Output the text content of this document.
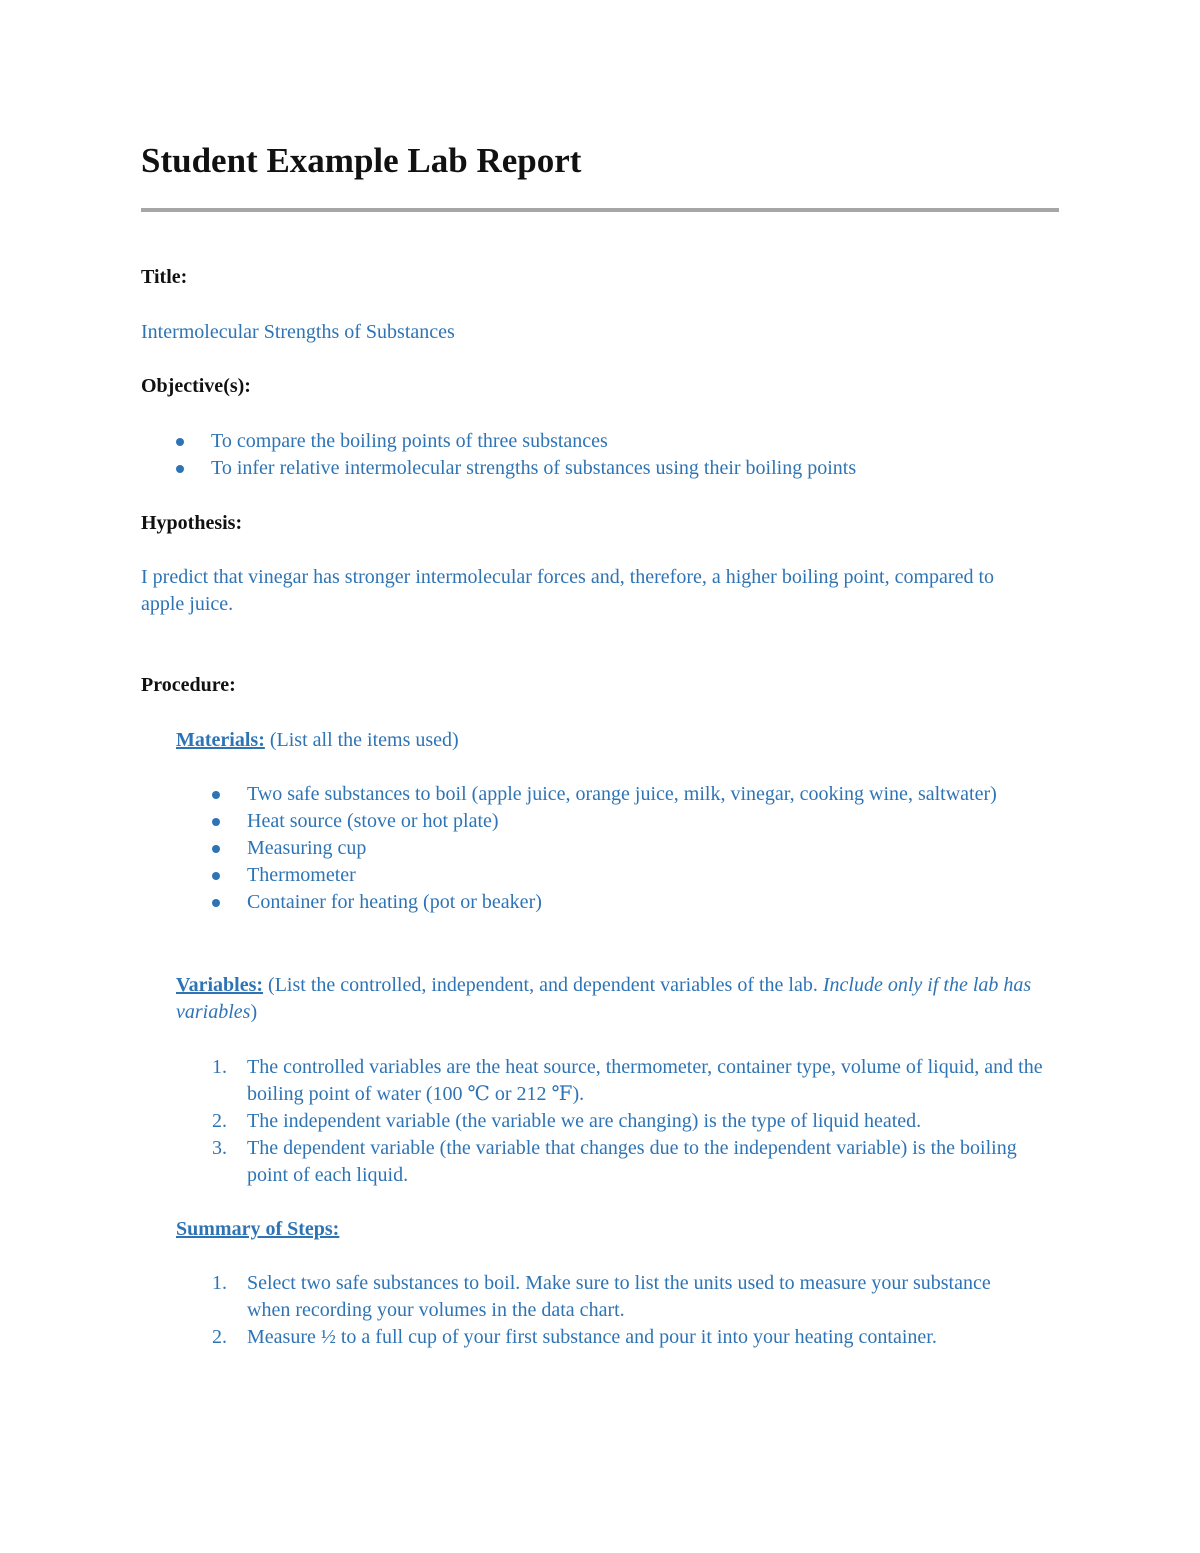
Student Example Lab Report
Title:
Intermolecular Strengths of Substances
Objective(s):
To compare the boiling points of three substances
To infer relative intermolecular strengths of substances using their boiling points
Hypothesis:
I predict that vinegar has stronger intermolecular forces and, therefore, a higher boiling point, compared to apple juice.
Procedure:
Materials: (List all the items used)
Two safe substances to boil (apple juice, orange juice, milk, vinegar, cooking wine, saltwater)
Heat source (stove or hot plate)
Measuring cup
Thermometer
Container for heating (pot or beaker)
Variables: (List the controlled, independent, and dependent variables of the lab. Include only if the lab has variables)
1. The controlled variables are the heat source, thermometer, container type, volume of liquid, and the boiling point of water (100 ℃ or 212 ℉).
2. The independent variable (the variable we are changing) is the type of liquid heated.
3. The dependent variable (the variable that changes due to the independent variable) is the boiling point of each liquid.
Summary of Steps:
1. Select two safe substances to boil. Make sure to list the units used to measure your substance when recording your volumes in the data chart.
2. Measure ½ to a full cup of your first substance and pour it into your heating container.
